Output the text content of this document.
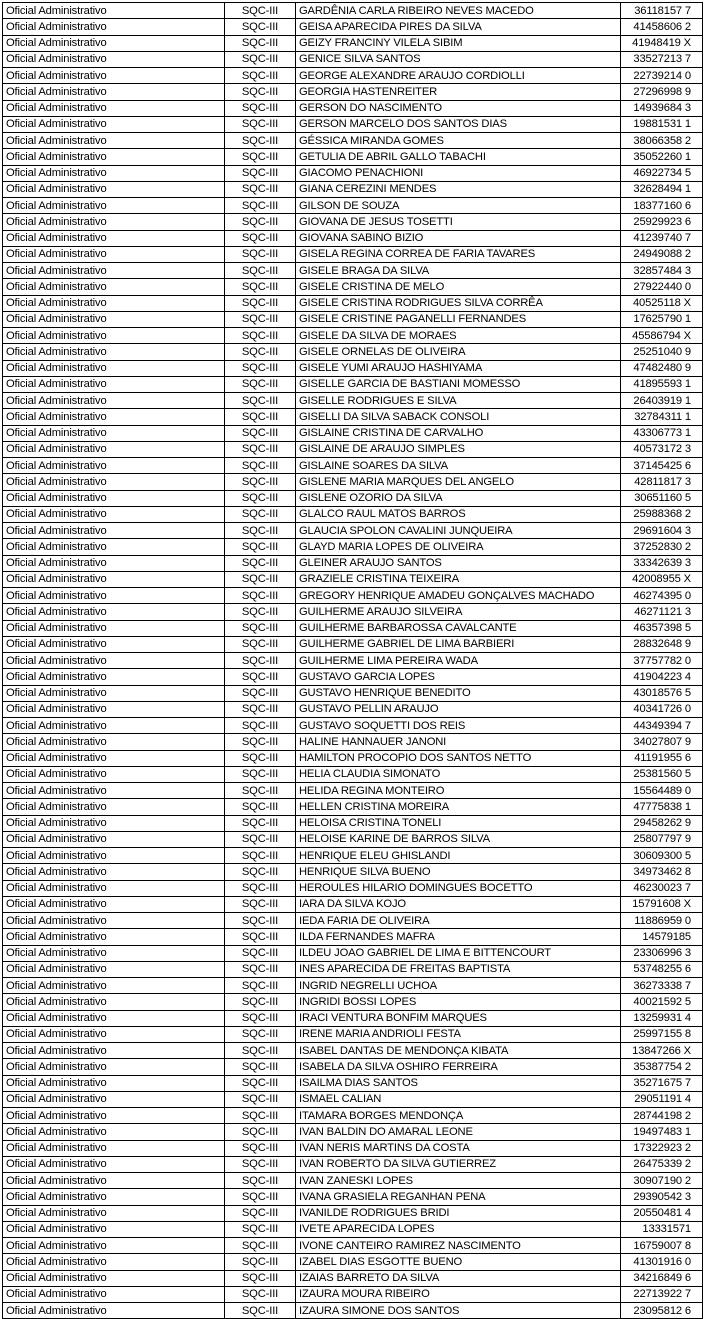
Oficial Administrativo	SQC-III	GARDÊNIA CARLA RIBEIRO NEVES MACEDO	36118157 7
Oficial Administrativo	SQC-III	GEISA APARECIDA PIRES DA SILVA	41458606 2
Oficial Administrativo	SQC-III	GEIZY FRANCINY VILELA SIBIM	41948419 X
Oficial Administrativo	SQC-III	GENICE SILVA SANTOS	33527213 7
Oficial Administrativo	SQC-III	GEORGE ALEXANDRE ARAUJO CORDIOLLI	22739214 0
Oficial Administrativo	SQC-III	GEORGIA HASTENREITER	27296998 9
Oficial Administrativo	SQC-III	GERSON DO NASCIMENTO	14939684 3
Oficial Administrativo	SQC-III	GERSON MARCELO DOS SANTOS DIAS	19881531 1
Oficial Administrativo	SQC-III	GÉSSICA MIRANDA GOMES	38066358 2
Oficial Administrativo	SQC-III	GETULIA DE ABRIL GALLO TABACHI	35052260 1
Oficial Administrativo	SQC-III	GIACOMO PENACHIONI	46922734 5
Oficial Administrativo	SQC-III	GIANA CEREZINI MENDES	32628494 1
Oficial Administrativo	SQC-III	GILSON DE SOUZA	18377160 6
Oficial Administrativo	SQC-III	GIOVANA DE JESUS TOSETTI	25929923 6
Oficial Administrativo	SQC-III	GIOVANA SABINO BIZIO	41239740 7
Oficial Administrativo	SQC-III	GISELA REGINA CORREA DE FARIA TAVARES	24949088 2
Oficial Administrativo	SQC-III	GISELE BRAGA DA SILVA	32857484 3
Oficial Administrativo	SQC-III	GISELE CRISTINA DE MELO	27922440 0
Oficial Administrativo	SQC-III	GISELE CRISTINA RODRIGUES SILVA CORRÊA	40525118 X
Oficial Administrativo	SQC-III	GISELE CRISTINE PAGANELLI FERNANDES	17625790 1
Oficial Administrativo	SQC-III	GISELE DA SILVA DE MORAES	45586794 X
Oficial Administrativo	SQC-III	GISELE ORNELAS DE OLIVEIRA	25251040 9
Oficial Administrativo	SQC-III	GISELE YUMI ARAUJO HASHIYAMA	47482480 9
Oficial Administrativo	SQC-III	GISELLE GARCIA DE BASTIANI MOMESSO	41895593 1
Oficial Administrativo	SQC-III	GISELLE RODRIGUES E SILVA	26403919 1
Oficial Administrativo	SQC-III	GISELLI DA SILVA SABACK CONSOLI	32784311 1
Oficial Administrativo	SQC-III	GISLAINE CRISTINA DE CARVALHO	43306773 1
Oficial Administrativo	SQC-III	GISLAINE DE ARAUJO SIMPLES	40573172 3
Oficial Administrativo	SQC-III	GISLAINE SOARES DA SILVA	37145425 6
Oficial Administrativo	SQC-III	GISLENE MARIA MARQUES DEL ANGELO	42811817 3
Oficial Administrativo	SQC-III	GISLENE OZORIO DA SILVA	30651160 5
Oficial Administrativo	SQC-III	GLALCO RAUL MATOS BARROS	25988368 2
Oficial Administrativo	SQC-III	GLAUCIA SPOLON CAVALINI JUNQUEIRA	29691604 3
Oficial Administrativo	SQC-III	GLAYD MARIA LOPES DE OLIVEIRA	37252830 2
Oficial Administrativo	SQC-III	GLEINER ARAUJO SANTOS	33342639 3
Oficial Administrativo	SQC-III	GRAZIELE CRISTINA TEIXEIRA	42008955 X
Oficial Administrativo	SQC-III	GREGORY HENRIQUE AMADEU GONÇALVES MACHADO	46274395 0
Oficial Administrativo	SQC-III	GUILHERME ARAUJO SILVEIRA	46271121 3
Oficial Administrativo	SQC-III	GUILHERME BARBAROSSA CAVALCANTE	46357398 5
Oficial Administrativo	SQC-III	GUILHERME GABRIEL DE LIMA BARBIERI	28832648 9
Oficial Administrativo	SQC-III	GUILHERME LIMA PEREIRA WADA	37757782 0
Oficial Administrativo	SQC-III	GUSTAVO GARCIA LOPES	41904223 4
Oficial Administrativo	SQC-III	GUSTAVO HENRIQUE BENEDITO	43018576 5
Oficial Administrativo	SQC-III	GUSTAVO PELLIN ARAUJO	40341726 0
Oficial Administrativo	SQC-III	GUSTAVO SOQUETTI DOS REIS	44349394 7
Oficial Administrativo	SQC-III	HALINE HANNAUER JANONI	34027807 9
Oficial Administrativo	SQC-III	HAMILTON PROCOPIO DOS SANTOS NETTO	41191955 6
Oficial Administrativo	SQC-III	HELIA CLAUDIA SIMONATO	25381560 5
Oficial Administrativo	SQC-III	HELIDA REGINA MONTEIRO	15564489 0
Oficial Administrativo	SQC-III	HELLEN CRISTINA MOREIRA	47775838 1
Oficial Administrativo	SQC-III	HELOISA CRISTINA TONELI	29458262 9
Oficial Administrativo	SQC-III	HELOISE KARINE DE BARROS SILVA	25807797 9
Oficial Administrativo	SQC-III	HENRIQUE ELEU GHISLANDI	30609300 5
Oficial Administrativo	SQC-III	HENRIQUE SILVA BUENO	34973462 8
Oficial Administrativo	SQC-III	HEROULES HILARIO DOMINGUES BOCETTO	46230023 7
Oficial Administrativo	SQC-III	IARA DA SILVA KOJO	15791608 X
Oficial Administrativo	SQC-III	IEDA FARIA DE OLIVEIRA	11886959 0
Oficial Administrativo	SQC-III	ILDA FERNANDES MAFRA	14579185
Oficial Administrativo	SQC-III	ILDEU JOAO GABRIEL DE LIMA E BITTENCOURT	23306996 3
Oficial Administrativo	SQC-III	INES APARECIDA DE FREITAS BAPTISTA	53748255 6
Oficial Administrativo	SQC-III	INGRID NEGRELLI UCHOA	36273338 7
Oficial Administrativo	SQC-III	INGRIDI BOSSI LOPES	40021592 5
Oficial Administrativo	SQC-III	IRACI VENTURA BONFIM MARQUES	13259931 4
Oficial Administrativo	SQC-III	IRENE MARIA ANDRIOLI FESTA	25997155 8
Oficial Administrativo	SQC-III	ISABEL DANTAS DE MENDONÇA KIBATA	13847266 X
Oficial Administrativo	SQC-III	ISABELA DA SILVA OSHIRO FERREIRA	35387754 2
Oficial Administrativo	SQC-III	ISAILMA DIAS SANTOS	35271675 7
Oficial Administrativo	SQC-III	ISMAEL CALIAN	29051191 4
Oficial Administrativo	SQC-III	ITAMARA BORGES MENDONÇA	28744198 2
Oficial Administrativo	SQC-III	IVAN BALDIN DO AMARAL LEONE	19497483 1
Oficial Administrativo	SQC-III	IVAN NERIS MARTINS DA COSTA	17322923 2
Oficial Administrativo	SQC-III	IVAN ROBERTO DA SILVA GUTIERREZ	26475339 2
Oficial Administrativo	SQC-III	IVAN ZANESKI LOPES	30907190 2
Oficial Administrativo	SQC-III	IVANA GRASIELA REGANHAN PENA	29390542 3
Oficial Administrativo	SQC-III	IVANILDE RODRIGUES BRIDI	20550481 4
Oficial Administrativo	SQC-III	IVETE APARECIDA LOPES	13331571
Oficial Administrativo	SQC-III	IVONE CANTEIRO RAMIREZ NASCIMENTO	16759007 8
Oficial Administrativo	SQC-III	IZABEL DIAS ESGOTTE BUENO	41301916 0
Oficial Administrativo	SQC-III	IZAIAS BARRETO DA SILVA	34216849 6
Oficial Administrativo	SQC-III	IZAURA MOURA RIBEIRO	22713922 7
Oficial Administrativo	SQC-III	IZAURA SIMONE DOS SANTOS	23095812 6
